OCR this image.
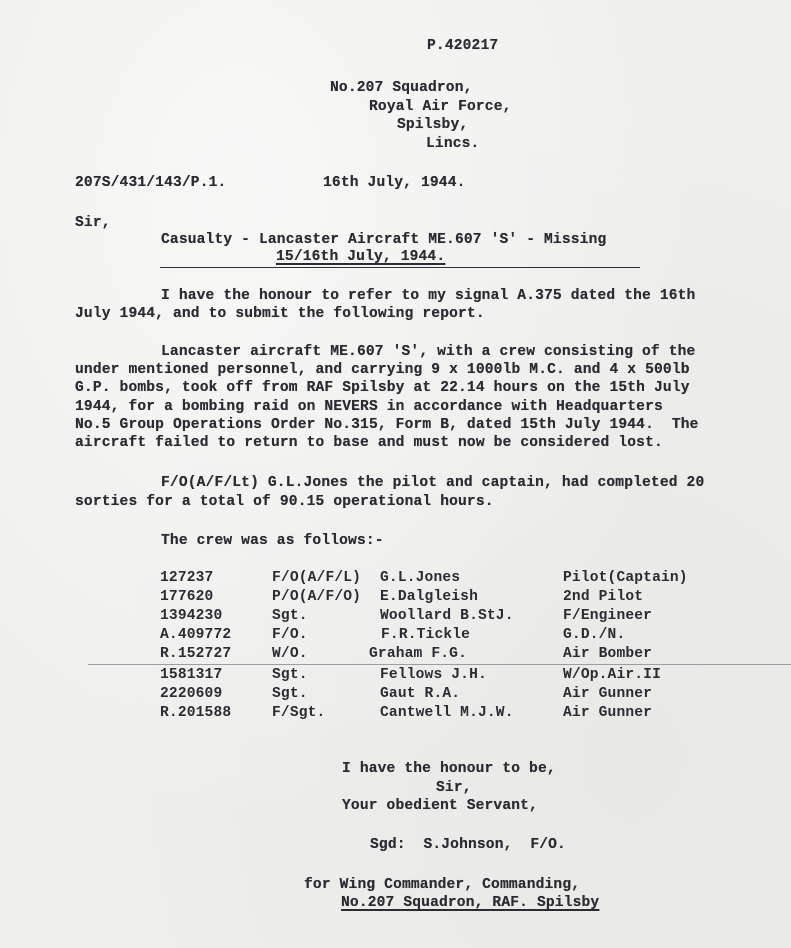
P.420217
No.207 Squadron,
Royal Air Force,
Spilsby,
Lincs.
207S/431/143/P.1.	16th July, 1944.
Sir,
Casualty - Lancaster Aircraft ME.607 'S' - Missing
15/16th July, 1944.
I have the honour to refer to my signal A.375 dated the 16th
July 1944, and to submit the following report.
Lancaster aircraft ME.607 'S', with a crew consisting of the
under mentioned personnel, and carrying 9 x 1000lb M.C. and 4 x 500lb
G.P. bombs, took off from RAF Spilsby at 22.14 hours on the 15th July
1944, for a bombing raid on NEVERS in accordance with Headquarters
No.5 Group Operations Order No.315, Form B, dated 15th July 1944.  The
aircraft failed to return to base and must now be considered lost.
F/O(A/F/Lt) G.L.Jones the pilot and captain, had completed 20
sorties for a total of 90.15 operational hours.
The crew was as follows:-
127237	F/O(A/F/L) G.L.Jones	Pilot(Captain)
177620	P/O(A/F/O) E.Dalgleish	2nd Pilot
1394230	Sgt.	Woollard B.StJ.	F/Engineer
A.409772	F/O.	F.R.Tickle	G.D./N.
R.152727	W/O.	Graham F.G.	Air Bomber
1581317	Sgt.	Fellows J.H.	W/Op.Air.II
2220609	Sgt.	Gaut R.A.	Air Gunner
R.201588	F/Sgt.	Cantwell M.J.W.	Air Gunner
I have the honour to be,
Sir,
Your obedient Servant,
Sgd:  S.Johnson,  F/O.
for Wing Commander, Commanding,
No.207 Squadron, RAF. Spilsby
